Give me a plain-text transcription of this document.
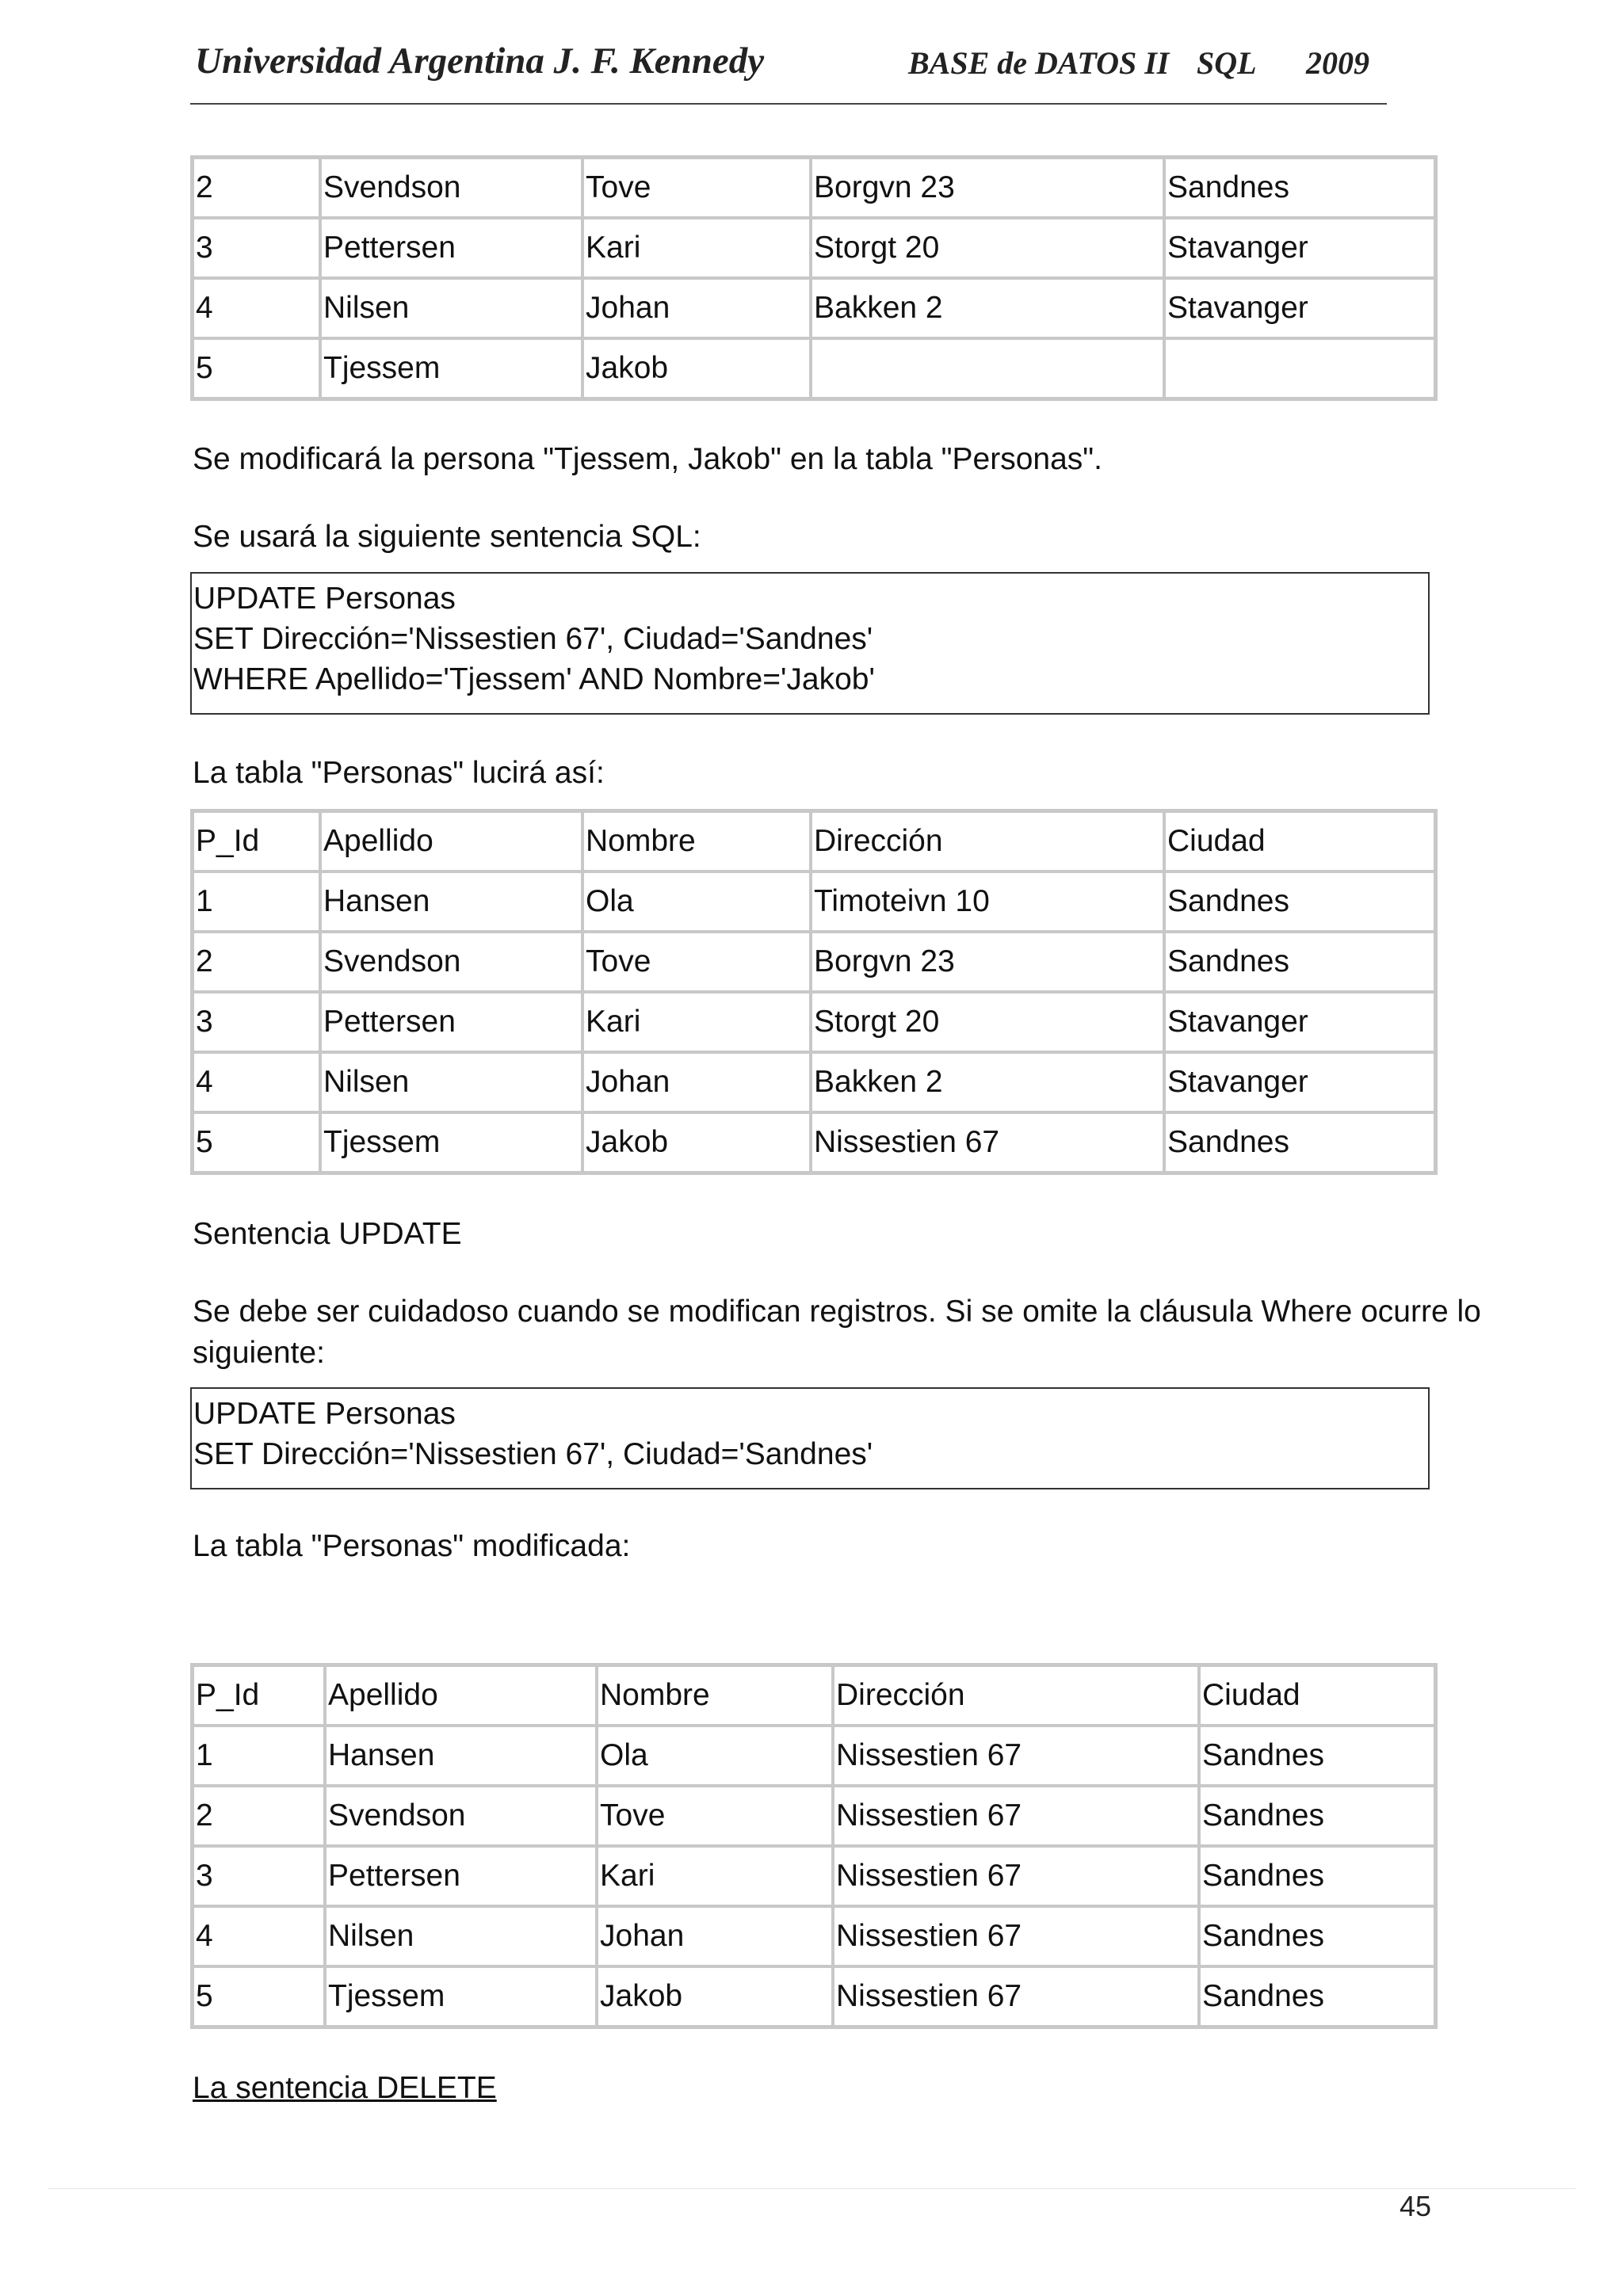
Universidad Argentina J. F. Kennedy	BASE de DATOS II SQL 2009
2	Svendson	Tove	Borgvn 23	Sandnes
3	Pettersen	Kari	Storgt 20	Stavanger
4	Nilsen	Johan	Bakken 2	Stavanger
5	Tjessem	Jakob		
Se modificará la persona "Tjessem, Jakob" en la tabla "Personas".
Se usará la siguiente sentencia SQL:
UPDATE Personas
SET Dirección='Nissestien 67', Ciudad='Sandnes'
WHERE Apellido='Tjessem' AND Nombre='Jakob'
La tabla "Personas" lucirá así:
P_Id	Apellido	Nombre	Dirección	Ciudad
1	Hansen	Ola	Timoteivn 10	Sandnes
2	Svendson	Tove	Borgvn 23	Sandnes
3	Pettersen	Kari	Storgt 20	Stavanger
4	Nilsen	Johan	Bakken 2	Stavanger
5	Tjessem	Jakob	Nissestien 67	Sandnes
Sentencia UPDATE
Se debe ser cuidadoso cuando se modifican registros. Si se omite la cláusula Where ocurre lo
siguiente:
UPDATE Personas
SET Dirección='Nissestien 67', Ciudad='Sandnes'
La tabla "Personas" modificada:
P_Id	Apellido	Nombre	Dirección	Ciudad
1	Hansen	Ola	Nissestien 67	Sandnes
2	Svendson	Tove	Nissestien 67	Sandnes
3	Pettersen	Kari	Nissestien 67	Sandnes
4	Nilsen	Johan	Nissestien 67	Sandnes
5	Tjessem	Jakob	Nissestien 67	Sandnes
La sentencia DELETE
45
